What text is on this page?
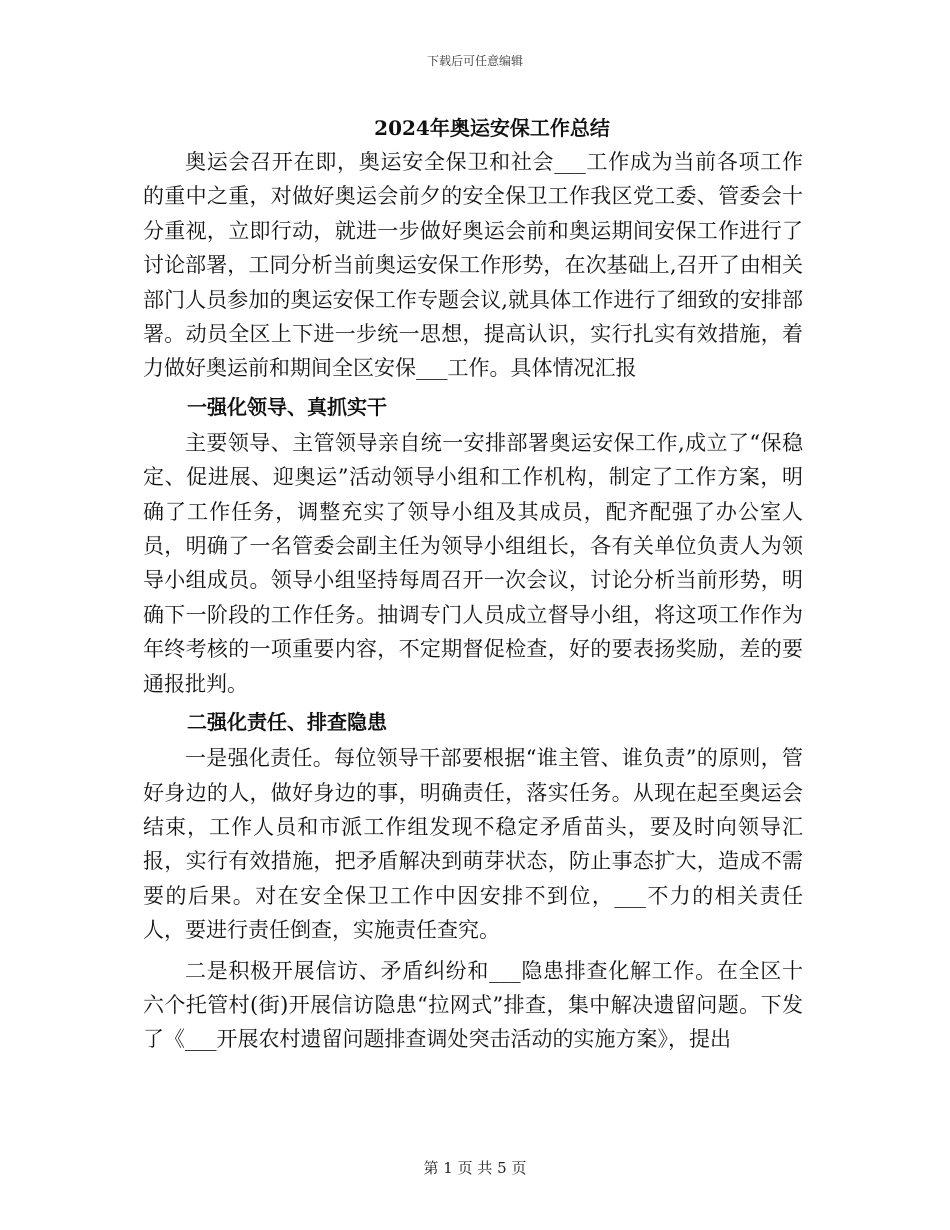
下载后可任意编辑
2024年奥运安保工作总结

奥运会召开在即，奥运安全保卫和社会___工作成为当前各项工作的重中之重，对做好奥运会前夕的安全保卫工作我区党工委、管委会十分重视，立即行动，就进一步做好奥运会前和奥运期间安保工作进行了讨论部署，工同分析当前奥运安保工作形势，在次基础上,召开了由相关部门人员参加的奥运安保工作专题会议,就具体工作进行了细致的安排部署。动员全区上下进一步统一思想，提高认识，实行扎实有效措施，着力做好奥运前和期间全区安保___工作。具体情况汇报

一强化领导、真抓实干

主要领导、主管领导亲自统一安排部署奥运安保工作,成立了“保稳定、促进展、迎奥运”活动领导小组和工作机构，制定了工作方案，明确了工作任务，调整充实了领导小组及其成员，配齐配强了办公室人员，明确了一名管委会副主任为领导小组组长，各有关单位负责人为领导小组成员。领导小组坚持每周召开一次会议，讨论分析当前形势，明确下一阶段的工作任务。抽调专门人员成立督导小组，将这项工作作为年终考核的一项重要内容，不定期督促检查，好的要表扬奖励，差的要通报批判。

二强化责任、排查隐患

一是强化责任。每位领导干部要根据“谁主管、谁负责”的原则，管好身边的人，做好身边的事，明确责任，落实任务。从现在起至奥运会结束，工作人员和市派工作组发现不稳定矛盾苗头，要及时向领导汇报，实行有效措施，把矛盾解决到萌芽状态，防止事态扩大，造成不需要的后果。对在安全保卫工作中因安排不到位，___不力的相关责任人，要进行责任倒查，实施责任查究。

二是积极开展信访、矛盾纠纷和___隐患排查化解工作。在全区十六个托管村(街)开展信访隐患“拉网式”排查，集中解决遗留问题。下发了《___开展农村遗留问题排查调处突击活动的实施方案》，提出

第 1 页 共 5 页
